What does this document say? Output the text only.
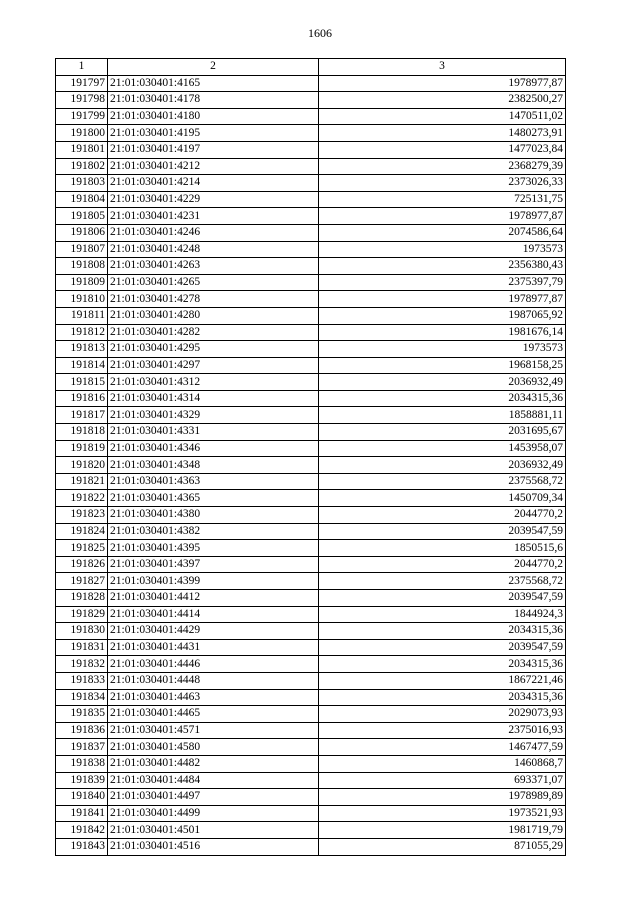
1606
1	2	3
191797	21:01:030401:4165	1978977,87
191798	21:01:030401:4178	2382500,27
191799	21:01:030401:4180	1470511,02
191800	21:01:030401:4195	1480273,91
191801	21:01:030401:4197	1477023,84
191802	21:01:030401:4212	2368279,39
191803	21:01:030401:4214	2373026,33
191804	21:01:030401:4229	725131,75
191805	21:01:030401:4231	1978977,87
191806	21:01:030401:4246	2074586,64
191807	21:01:030401:4248	1973573
191808	21:01:030401:4263	2356380,43
191809	21:01:030401:4265	2375397,79
191810	21:01:030401:4278	1978977,87
191811	21:01:030401:4280	1987065,92
191812	21:01:030401:4282	1981676,14
191813	21:01:030401:4295	1973573
191814	21:01:030401:4297	1968158,25
191815	21:01:030401:4312	2036932,49
191816	21:01:030401:4314	2034315,36
191817	21:01:030401:4329	1858881,11
191818	21:01:030401:4331	2031695,67
191819	21:01:030401:4346	1453958,07
191820	21:01:030401:4348	2036932,49
191821	21:01:030401:4363	2375568,72
191822	21:01:030401:4365	1450709,34
191823	21:01:030401:4380	2044770,2
191824	21:01:030401:4382	2039547,59
191825	21:01:030401:4395	1850515,6
191826	21:01:030401:4397	2044770,2
191827	21:01:030401:4399	2375568,72
191828	21:01:030401:4412	2039547,59
191829	21:01:030401:4414	1844924,3
191830	21:01:030401:4429	2034315,36
191831	21:01:030401:4431	2039547,59
191832	21:01:030401:4446	2034315,36
191833	21:01:030401:4448	1867221,46
191834	21:01:030401:4463	2034315,36
191835	21:01:030401:4465	2029073,93
191836	21:01:030401:4571	2375016,93
191837	21:01:030401:4580	1467477,59
191838	21:01:030401:4482	1460868,7
191839	21:01:030401:4484	693371,07
191840	21:01:030401:4497	1978989,89
191841	21:01:030401:4499	1973521,93
191842	21:01:030401:4501	1981719,79
191843	21:01:030401:4516	871055,29
